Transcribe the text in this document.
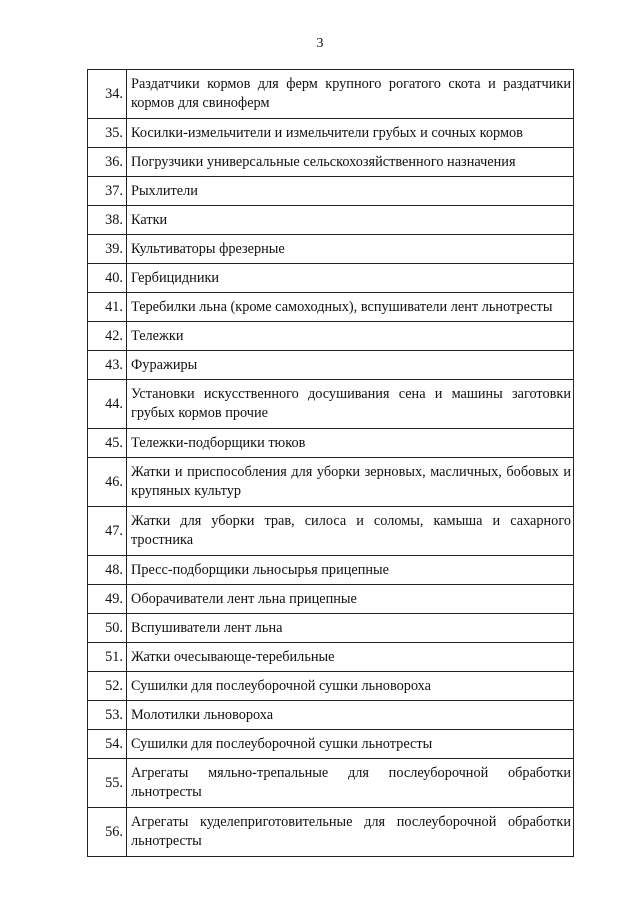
3
34.	Раздатчики кормов для ферм крупного рогатого скота и раздатчики кормов для свиноферм
35.	Косилки-измельчители и измельчители грубых и сочных кормов
36.	Погрузчики универсальные сельскохозяйственного назначения
37.	Рыхлители
38.	Катки
39.	Культиваторы фрезерные
40.	Гербицидники
41.	Теребилки льна (кроме самоходных), вспушиватели лент льнотресты
42.	Тележки
43.	Фуражиры
44.	Установки искусственного досушивания сена и машины заготовки грубых кормов прочие
45.	Тележки-подборщики тюков
46.	Жатки и приспособления для уборки зерновых, масличных, бобовых и крупяных культур
47.	Жатки для уборки трав, силоса и соломы, камыша и сахарного тростника
48.	Пресс-подборщики льносырья прицепные
49.	Оборачиватели лент льна прицепные
50.	Вспушиватели лент льна
51.	Жатки очесывающе-теребильные
52.	Сушилки для послеуборочной сушки льновороха
53.	Молотилки льновороха
54.	Сушилки для послеуборочной сушки льнотресты
55.	Агрегаты мяльно-трепальные для послеуборочной обработки льнотресты
56.	Агрегаты куделеприготовительные для послеуборочной обработки льнотресты
